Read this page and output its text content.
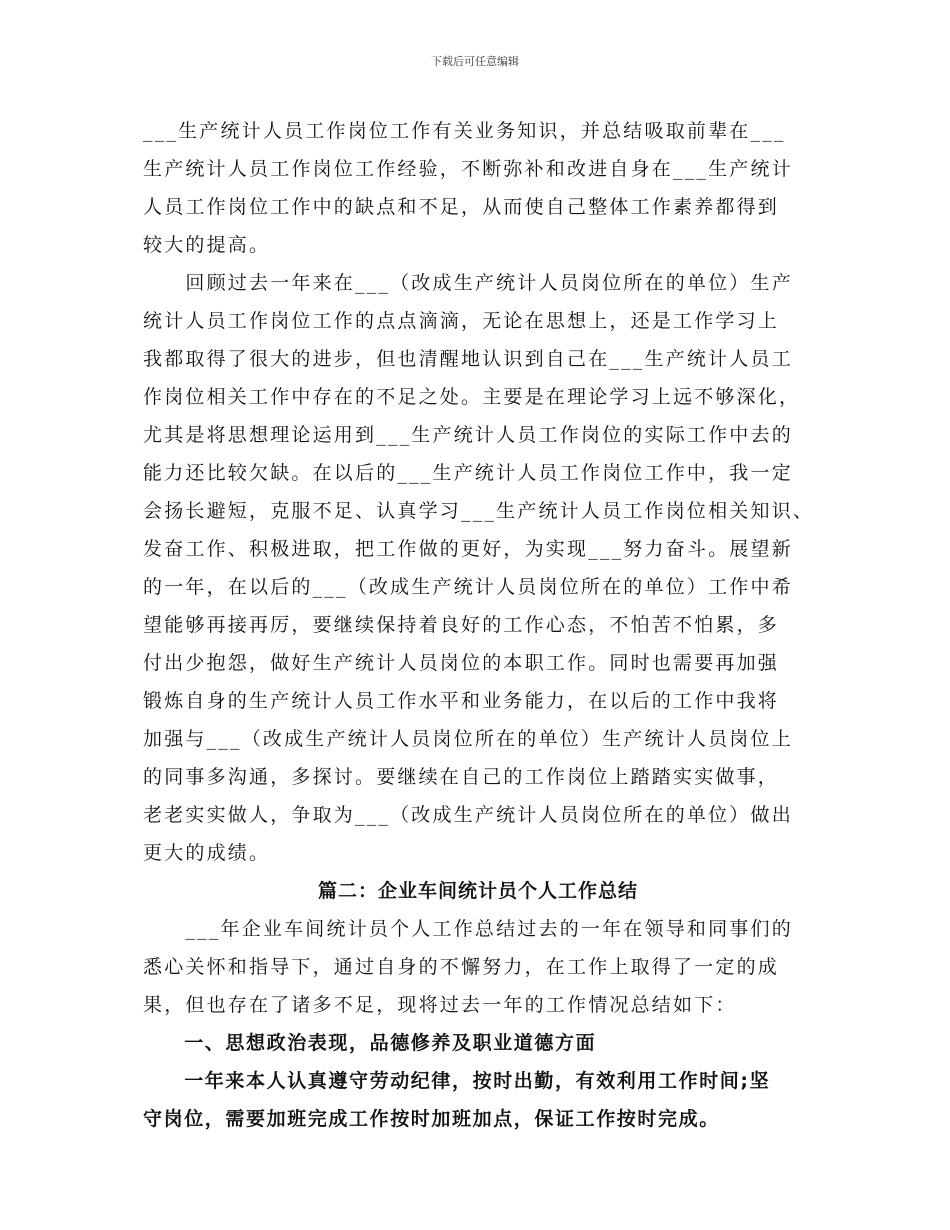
下载后可任意编辑
___生产统计人员工作岗位工作有关业务知识，并总结吸取前辈在___
生产统计人员工作岗位工作经验，不断弥补和改进自身在___生产统计
人员工作岗位工作中的缺点和不足，从而使自己整体工作素养都得到
较大的提高。
　　回顾过去一年来在___（改成生产统计人员岗位所在的单位）生产
统计人员工作岗位工作的点点滴滴，无论在思想上，还是工作学习上
我都取得了很大的进步，但也清醒地认识到自己在___生产统计人员工
作岗位相关工作中存在的不足之处。主要是在理论学习上远不够深化，
尤其是将思想理论运用到___生产统计人员工作岗位的实际工作中去的
能力还比较欠缺。在以后的___生产统计人员工作岗位工作中，我一定
会扬长避短，克服不足、认真学习___生产统计人员工作岗位相关知识、
发奋工作、积极进取，把工作做的更好，为实现___努力奋斗。展望新
的一年，在以后的___（改成生产统计人员岗位所在的单位）工作中希
望能够再接再厉，要继续保持着良好的工作心态，不怕苦不怕累，多
付出少抱怨，做好生产统计人员岗位的本职工作。同时也需要再加强
锻炼自身的生产统计人员工作水平和业务能力，在以后的工作中我将
加强与___（改成生产统计人员岗位所在的单位）生产统计人员岗位上
的同事多沟通，多探讨。要继续在自己的工作岗位上踏踏实实做事，
老老实实做人，争取为___（改成生产统计人员岗位所在的单位）做出
更大的成绩。
篇二：企业车间统计员个人工作总结
　　___年企业车间统计员个人工作总结过去的一年在领导和同事们的
悉心关怀和指导下，通过自身的不懈努力，在工作上取得了一定的成
果，但也存在了诸多不足，现将过去一年的工作情况总结如下：
　　一、思想政治表现，品德修养及职业道德方面
　　一年来本人认真遵守劳动纪律，按时出勤，有效利用工作时间;坚
守岗位，需要加班完成工作按时加班加点，保证工作按时完成。
